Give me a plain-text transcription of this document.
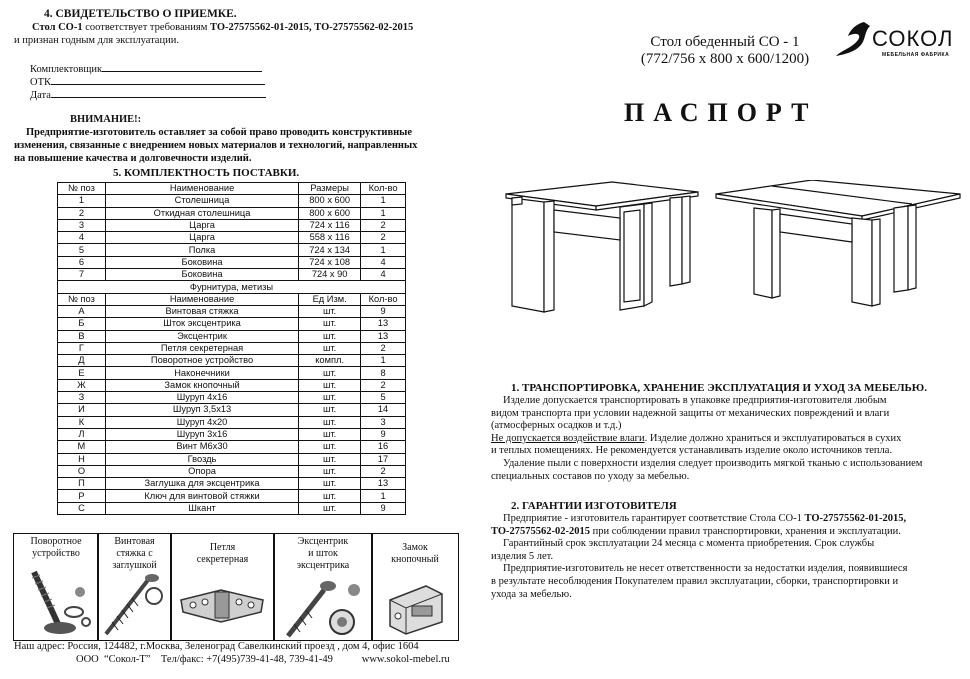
4. СВИДЕТЕЛЬСТВО О ПРИЕМКЕ.
Стол СО-1 соответствует требованиям ТО-27575562-01-2015, ТО-27575562-02-2015
и признан годным для эксплуатации.
Комплектовщик
ОТК
Дата
ВНИМАНИЕ!:
Предприятие-изготовитель оставляет за собой право проводить конструктивные
изменения, связанные с внедрением новых материалов и технологий, направленных
на повышение качества и долговечности изделий.
5. КОМПЛЕКТНОСТЬ ПОСТАВКИ.
№ поз	Наименование	Размеры	Кол-во
1	Столешница	800 х 600	1
2	Откидная столешница	800 х 600	1
3	Царга	724 х 116	2
4	Царга	558 х 116	2
5	Полка	724 х 134	1
6	Боковина	724 х 108	4
7	Боковина	724 х 90	4
Фурнитура, метизы			
№ поз	Наименование	Ед Изм.	Кол-во
А	Винтовая стяжка	шт.	9
Б	Шток эксцентрика	шт.	13
В	Эксцентрик	шт.	13
Г	Петля секретерная	шт.	2
Д	Поворотное устройство	компл.	1
Е	Наконечники	шт.	8
Ж	Замок кнопочный	шт.	2
З	Шуруп 4х16	шт.	5
И	Шуруп 3,5х13	шт.	14
К	Шуруп 4х20	шт.	3
Л	Шуруп 3х16	шт.	9
М	Винт М6х30	шт.	16
Н	Гвоздь	шт.	17
О	Опора	шт.	2
П	Заглушка для эксцентрика	шт.	13
Р	Ключ для винтовой стяжки	шт.	1
С	Шкант	шт.	9
Поворотное
устройство
Винтовая
стяжка с
заглушкой
Петля
секретерная
Эксцентрик
и шток
эксцентрика
Замок
кнопочный
Наш адрес: Россия, 124482, г.Москва, Зеленоград Савелкинский проезд , дом 4, офис 1604
ООО  “Сокол-Т”    Тел/факс: +7(495)739-41-48, 739-41-49           www.sokol-mebel.ru
Стол обеденный СО - 1
(772/756 х 800 х 600/1200)
СОКОЛ
МЕБЕЛЬНАЯ ФАБРИКА
ПАСПОРТ
1. ТРАНСПОРТИРОВКА, ХРАНЕНИЕ ЭКСПЛУАТАЦИЯ И УХОД ЗА МЕБЕЛЬЮ.
Изделие допускается транспортировать в упаковке предприятия-изготовителя любым
видом транспорта при условии надежной защиты от механических повреждений и влаги
(атмосферных осадков и т.д.)
Не допускается воздействие влаги. Изделие должно храниться и эксплуатироваться в сухих
и теплых помещениях. Не рекомендуется устанавливать изделие около источников тепла.
Удаление пыли с поверхности изделия следует производить мягкой тканью с использованием
специальных составов по уходу за мебелью.
2. ГАРАНТИИ ИЗГОТОВИТЕЛЯ
Предприятие - изготовитель гарантирует соответствие Стола СО-1 ТО-27575562-01-2015,
ТО-27575562-02-2015 при соблюдении правил транспортировки, хранения и эксплуатации.
Гарантийный срок эксплуатации 24 месяца с момента приобретения. Срок службы
изделия 5 лет.
Предприятие-изготовитель не несет ответственности за недостатки изделия, появившиеся
в результате несоблюдения Покупателем правил эксплуатации, сборки, транспортировки и
ухода за мебелью.
